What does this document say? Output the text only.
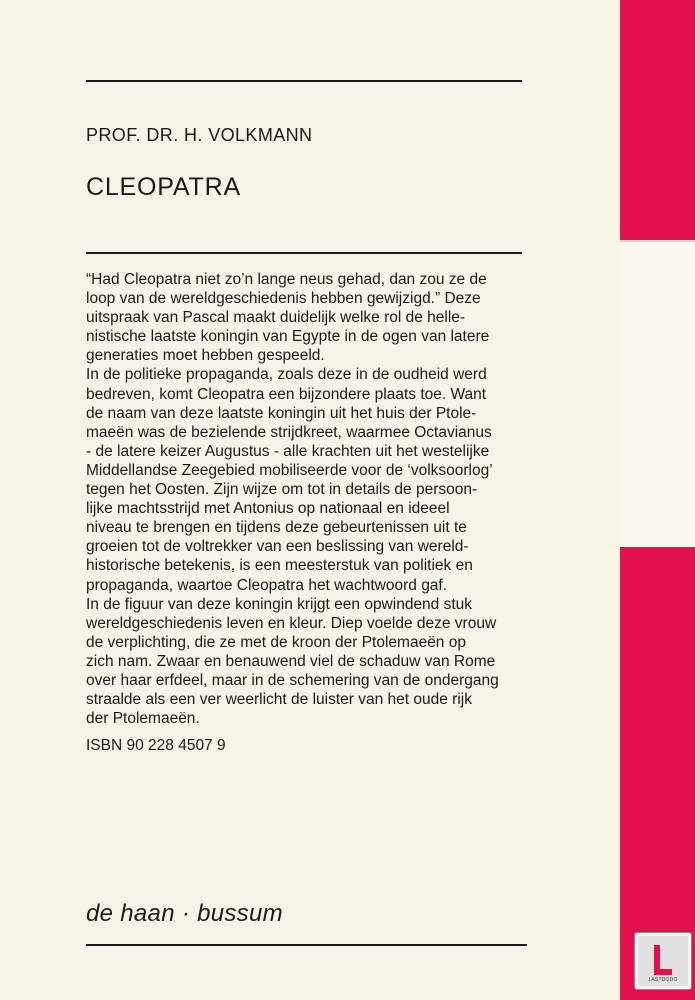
PROF. DR. H. VOLKMANN
CLEOPATRA
“Had Cleopatra niet zo’n lange neus gehad, dan zou ze de
loop van de wereldgeschiedenis hebben gewijzigd.” Deze
uitspraak van Pascal maakt duidelijk welke rol de helle-
nistische laatste koningin van Egypte in de ogen van latere
generaties moet hebben gespeeld.
In de politieke propaganda, zoals deze in de oudheid werd
bedreven, komt Cleopatra een bijzondere plaats toe. Want
de naam van deze laatste koningin uit het huis der Ptole-
maeën was de bezielende strijdkreet, waarmee Octavianus
- de latere keizer Augustus - alle krachten uit het westelijke
Middellandse Zeegebied mobiliseerde voor de ‘volksoorlog’
tegen het Oosten. Zijn wijze om tot in details de persoon-
lijke machtsstrijd met Antonius op nationaal en ideeel
niveau te brengen en tijdens deze gebeurtenissen uit te
groeien tot de voltrekker van een beslissing van wereld-
historische betekenis, is een meesterstuk van politiek en
propaganda, waartoe Cleopatra het wachtwoord gaf.
In de figuur van deze koningin krijgt een opwindend stuk
wereldgeschiedenis leven en kleur. Diep voelde deze vrouw
de verplichting, die ze met de kroon der Ptolemaeën op
zich nam. Zwaar en benauwend viel de schaduw van Rome
over haar erfdeel, maar in de schemering van de ondergang
straalde als een ver weerlicht de luister van het oude rijk
der Ptolemaeën.
ISBN 90 228 4507 9
de haan · bussum
LASTDODO
